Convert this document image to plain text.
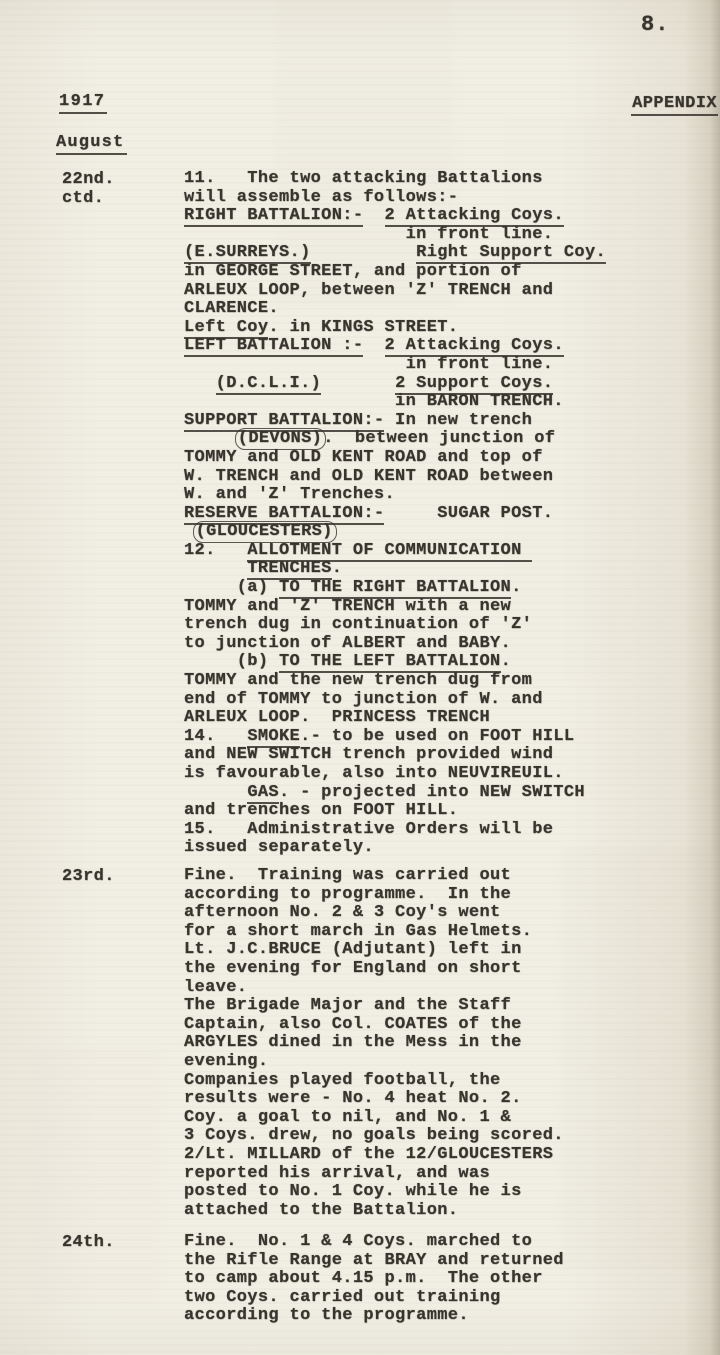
8.
1917	APPENDIX
August
22nd.
ctd.
11.   The two attacking Battalions
will assemble as follows:-
RIGHT BATTALION:- 2 Attacking Coys.
in front line.
(E.SURREYS.)	Right Support Coy.
in GEORGE STREET, and portion of
ARLEUX LOOP, between 'Z' TRENCH and
CLARENCE.
Left Coy. in KINGS STREET.
LEFT BATTALION :- 2 Attacking Coys.
in front line.
(D.C.L.I.)	2 Support Coys.
in BARON TRENCH.
SUPPORT BATTALION:- In new trench
(DEVONS).  between junction of
TOMMY and OLD KENT ROAD and top of
W. TRENCH and OLD KENT ROAD between
W. and 'Z' Trenches.
RESERVE BATTALION:-     SUGAR POST.
(GLOUCESTERS)
12.   ALLOTMENT OF COMMUNICATION
TRENCHES.
(a) TO THE RIGHT BATTALION.
TOMMY and 'Z' TRENCH with a new
trench dug in continuation of 'Z'
to junction of ALBERT and BABY.
(b) TO THE LEFT BATTALION.
TOMMY and the new trench dug from
end of TOMMY to junction of W. and
ARLEUX LOOP.  PRINCESS TRENCH
14.   SMOKE.- to be used on FOOT HILL
and NEW SWITCH trench provided wind
is favourable, also into NEUVIREUIL.
GAS. - projected into NEW SWITCH
and trenches on FOOT HILL.
15.   Administrative Orders will be
issued separately.
23rd.	Fine.  Training was carried out
according to programme.  In the
afternoon No. 2 & 3 Coy's went
for a short march in Gas Helmets.
Lt. J.C.BRUCE (Adjutant) left in
the evening for England on short
leave.
The Brigade Major and the Staff
Captain, also Col. COATES of the
ARGYLES dined in the Mess in the
evening.
Companies played football, the
results were - No. 4 heat No. 2.
Coy. a goal to nil, and No. 1 &
3 Coys. drew, no goals being scored.
2/Lt. MILLARD of the 12/GLOUCESTERS
reported his arrival, and was
posted to No. 1 Coy. while he is
attached to the Battalion.
24th.	Fine.  No. 1 & 4 Coys. marched to
the Rifle Range at BRAY and returned
to camp about 4.15 p.m.  The other
two Coys. carried out training
according to the programme.
